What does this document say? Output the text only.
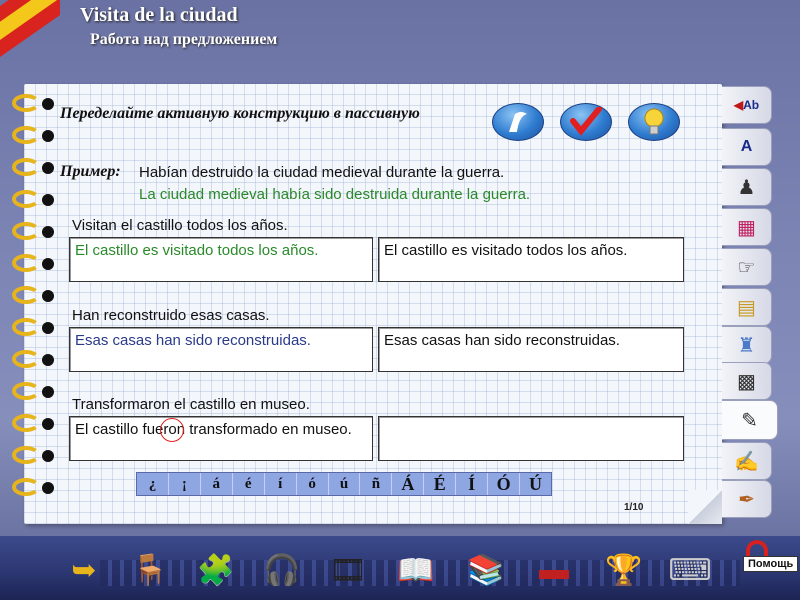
Visita de la ciudad
Работа над предложением
Переделайте активную конструкцию в пассивную
Пример: Habían destruido la ciudad medieval durante la guerra.
La ciudad medieval había sido destruida durante la guerra.
Visitan el castillo todos los años.
El castillo es visitado todos los años.	El castillo es visitado todos los años.
Han reconstruido esas casas.
Esas casas han sido reconstruidas.	Esas casas han sido reconstruidas.
Transformaron el castillo en museo.
El castillo fueron transformado en museo.
¿	¡	á	é	í	ó	ú	ñ	Á	É	Í	Ó	Ú
1/10
◀Ab
A
♟
▦
☞
▤
♜
▩
✎
✍
✒
➥ 🪑 🧩 🎧 🎞 📖 📚 ▬ 🏆 ⌨	Помощь
